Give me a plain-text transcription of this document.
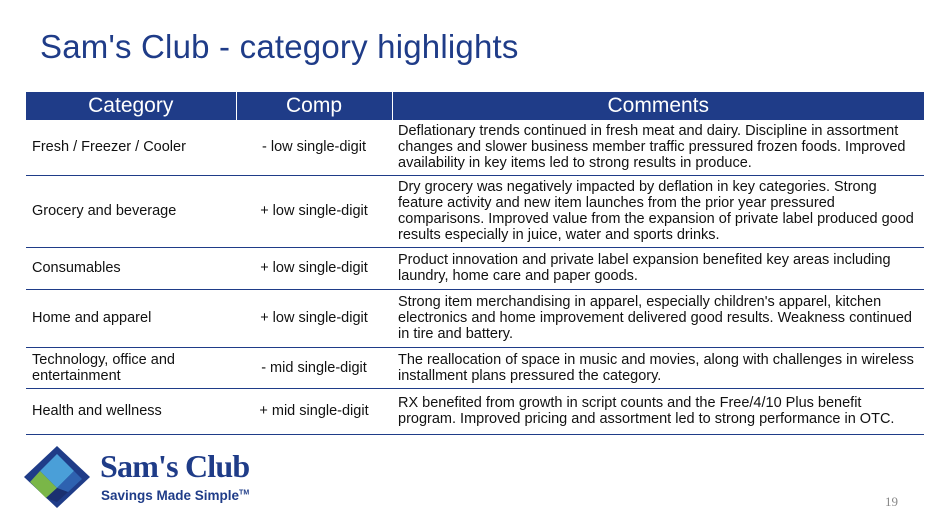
Sam's Club - category highlights
Category	Comp	Comments
Fresh / Freezer / Cooler	- low single-digit	Deflationary trends continued in fresh meat and dairy. Discipline in assortment changes and slower business member traffic pressured frozen foods. Improved availability in key items led to strong results in produce.
Grocery and beverage	+ low single-digit	Dry grocery was negatively impacted by deflation in key categories. Strong feature activity and new item launches from the prior year pressured comparisons. Improved value from the expansion of private label produced good results especially in juice, water and sports drinks.
Consumables	+ low single-digit	Product innovation and private label expansion benefited key areas including laundry, home care and paper goods.
Home and apparel	+ low single-digit	Strong item merchandising in apparel, especially children's apparel, kitchen electronics and home improvement delivered good results. Weakness continued in tire and battery.
Technology, office and entertainment	- mid single-digit	The reallocation of space in music and movies, along with challenges in wireless installment plans pressured the category.
Health and wellness	+ mid single-digit	RX benefited from growth in script counts and the Free/4/10 Plus benefit program. Improved pricing and assortment led to strong performance in OTC.
Sam's Club
Savings Made Simple™
19
